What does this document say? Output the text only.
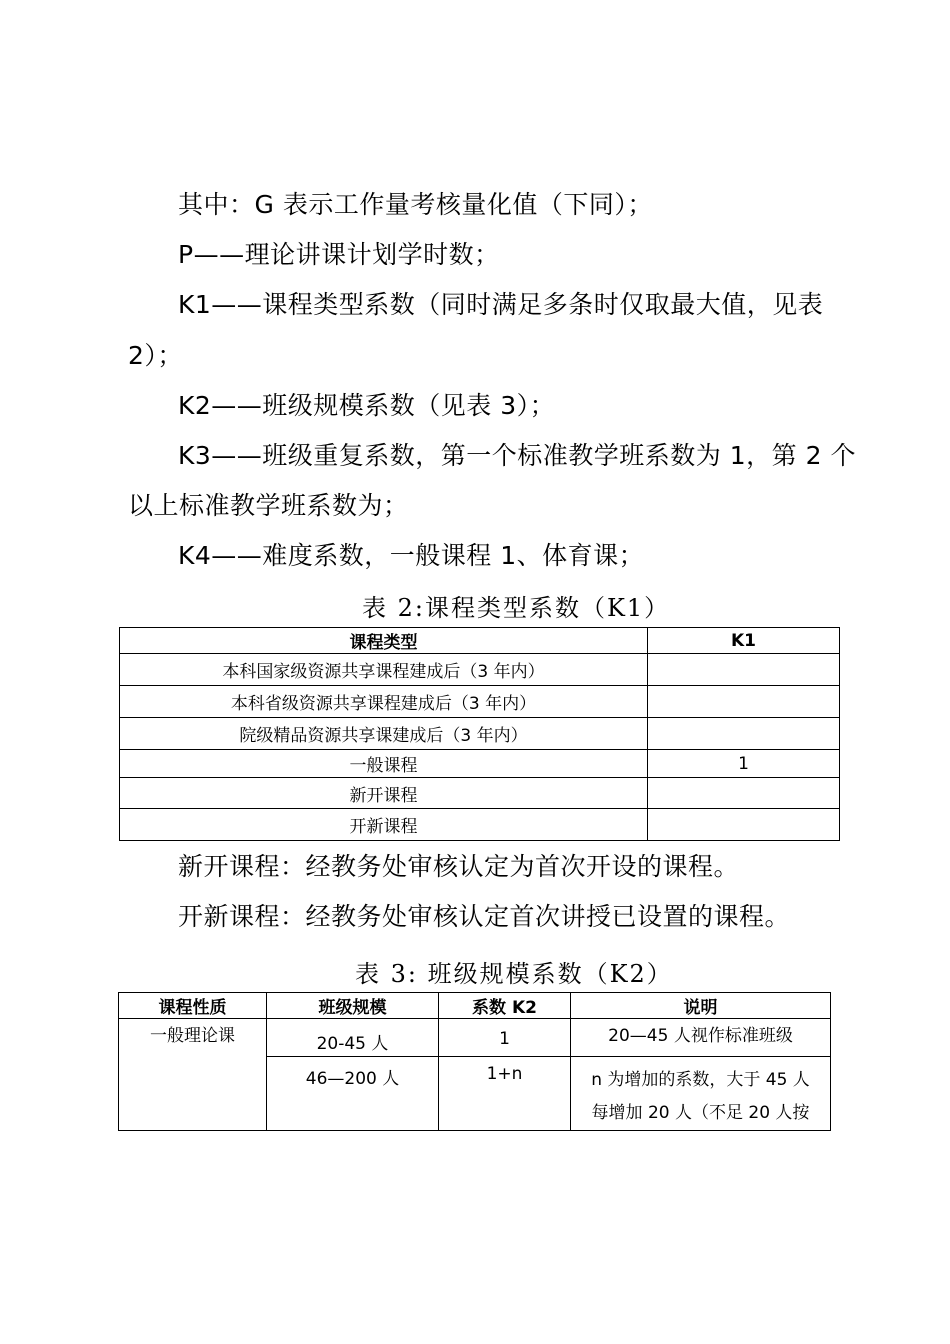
其中：G 表示工作量考核量化值（下同）；
P——理论讲课计划学时数；
K1——课程类型系数（同时满足多条时仅取最大值，见表
2）；
K2——班级规模系数（见表 3）；
K3——班级重复系数，第一个标准教学班系数为 1，第 2 个
以上标准教学班系数为；
K4——难度系数，一般课程 1、体育课；
表 2:课程类型系数（K1）
课程类型	K1
本科国家级资源共享课程建成后（3 年内）	
本科省级资源共享课程建成后（3 年内）	
院级精品资源共享课建成后（3 年内）	
一般课程	1
新开课程	
开新课程	
新开课程：经教务处审核认定为首次开设的课程。
开新课程：经教务处审核认定首次讲授已设置的课程。
表 3: 班级规模系数（K2）
课程性质	班级规模	系数 K2	说明
一般理论课	20-45 人	1	20—45 人视作标准班级
	46—200 人	1+n	n 为增加的系数，大于 45 人
每增加 20 人（不足 20 人按
